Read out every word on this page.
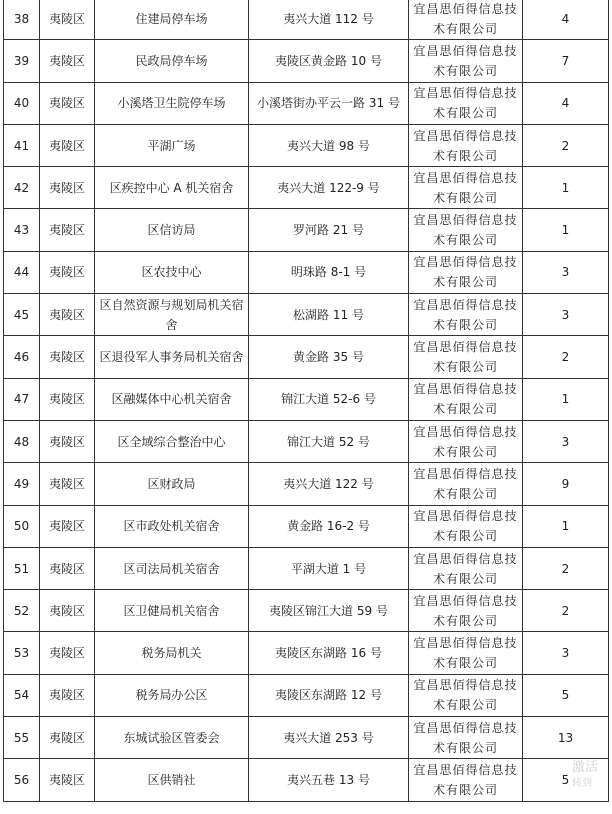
38	夷陵区	住建局停车场	夷兴大道 112 号	宜昌思佰得信息技术有限公司	4
39	夷陵区	民政局停车场	夷陵区黄金路 10 号	宜昌思佰得信息技术有限公司	7
40	夷陵区	小溪塔卫生院停车场	小溪塔街办平云一路 31 号	宜昌思佰得信息技术有限公司	4
41	夷陵区	平湖广场	夷兴大道 98 号	宜昌思佰得信息技术有限公司	2
42	夷陵区	区疾控中心 A 机关宿舍	夷兴大道 122-9 号	宜昌思佰得信息技术有限公司	1
43	夷陵区	区信访局	罗河路 21 号	宜昌思佰得信息技术有限公司	1
44	夷陵区	区农技中心	明珠路 8-1 号	宜昌思佰得信息技术有限公司	3
45	夷陵区	区自然资源与规划局机关宿舍	松湖路 11 号	宜昌思佰得信息技术有限公司	3
46	夷陵区	区退役军人事务局机关宿舍	黄金路 35 号	宜昌思佰得信息技术有限公司	2
47	夷陵区	区融媒体中心机关宿舍	锦江大道 52-6 号	宜昌思佰得信息技术有限公司	1
48	夷陵区	区全域综合整治中心	锦江大道 52 号	宜昌思佰得信息技术有限公司	3
49	夷陵区	区财政局	夷兴大道 122 号	宜昌思佰得信息技术有限公司	9
50	夷陵区	区市政处机关宿舍	黄金路 16-2 号	宜昌思佰得信息技术有限公司	1
51	夷陵区	区司法局机关宿舍	平湖大道 1 号	宜昌思佰得信息技术有限公司	2
52	夷陵区	区卫健局机关宿舍	夷陵区锦江大道 59 号	宜昌思佰得信息技术有限公司	2
53	夷陵区	税务局机关	夷陵区东湖路 16 号	宜昌思佰得信息技术有限公司	3
54	夷陵区	税务局办公区	夷陵区东湖路 12 号	宜昌思佰得信息技术有限公司	5
55	夷陵区	东城试验区管委会	夷兴大道 253 号	宜昌思佰得信息技术有限公司	13
56	夷陵区	区供销社	夷兴五巷 13 号	宜昌思佰得信息技术有限公司	5
激活
转到
